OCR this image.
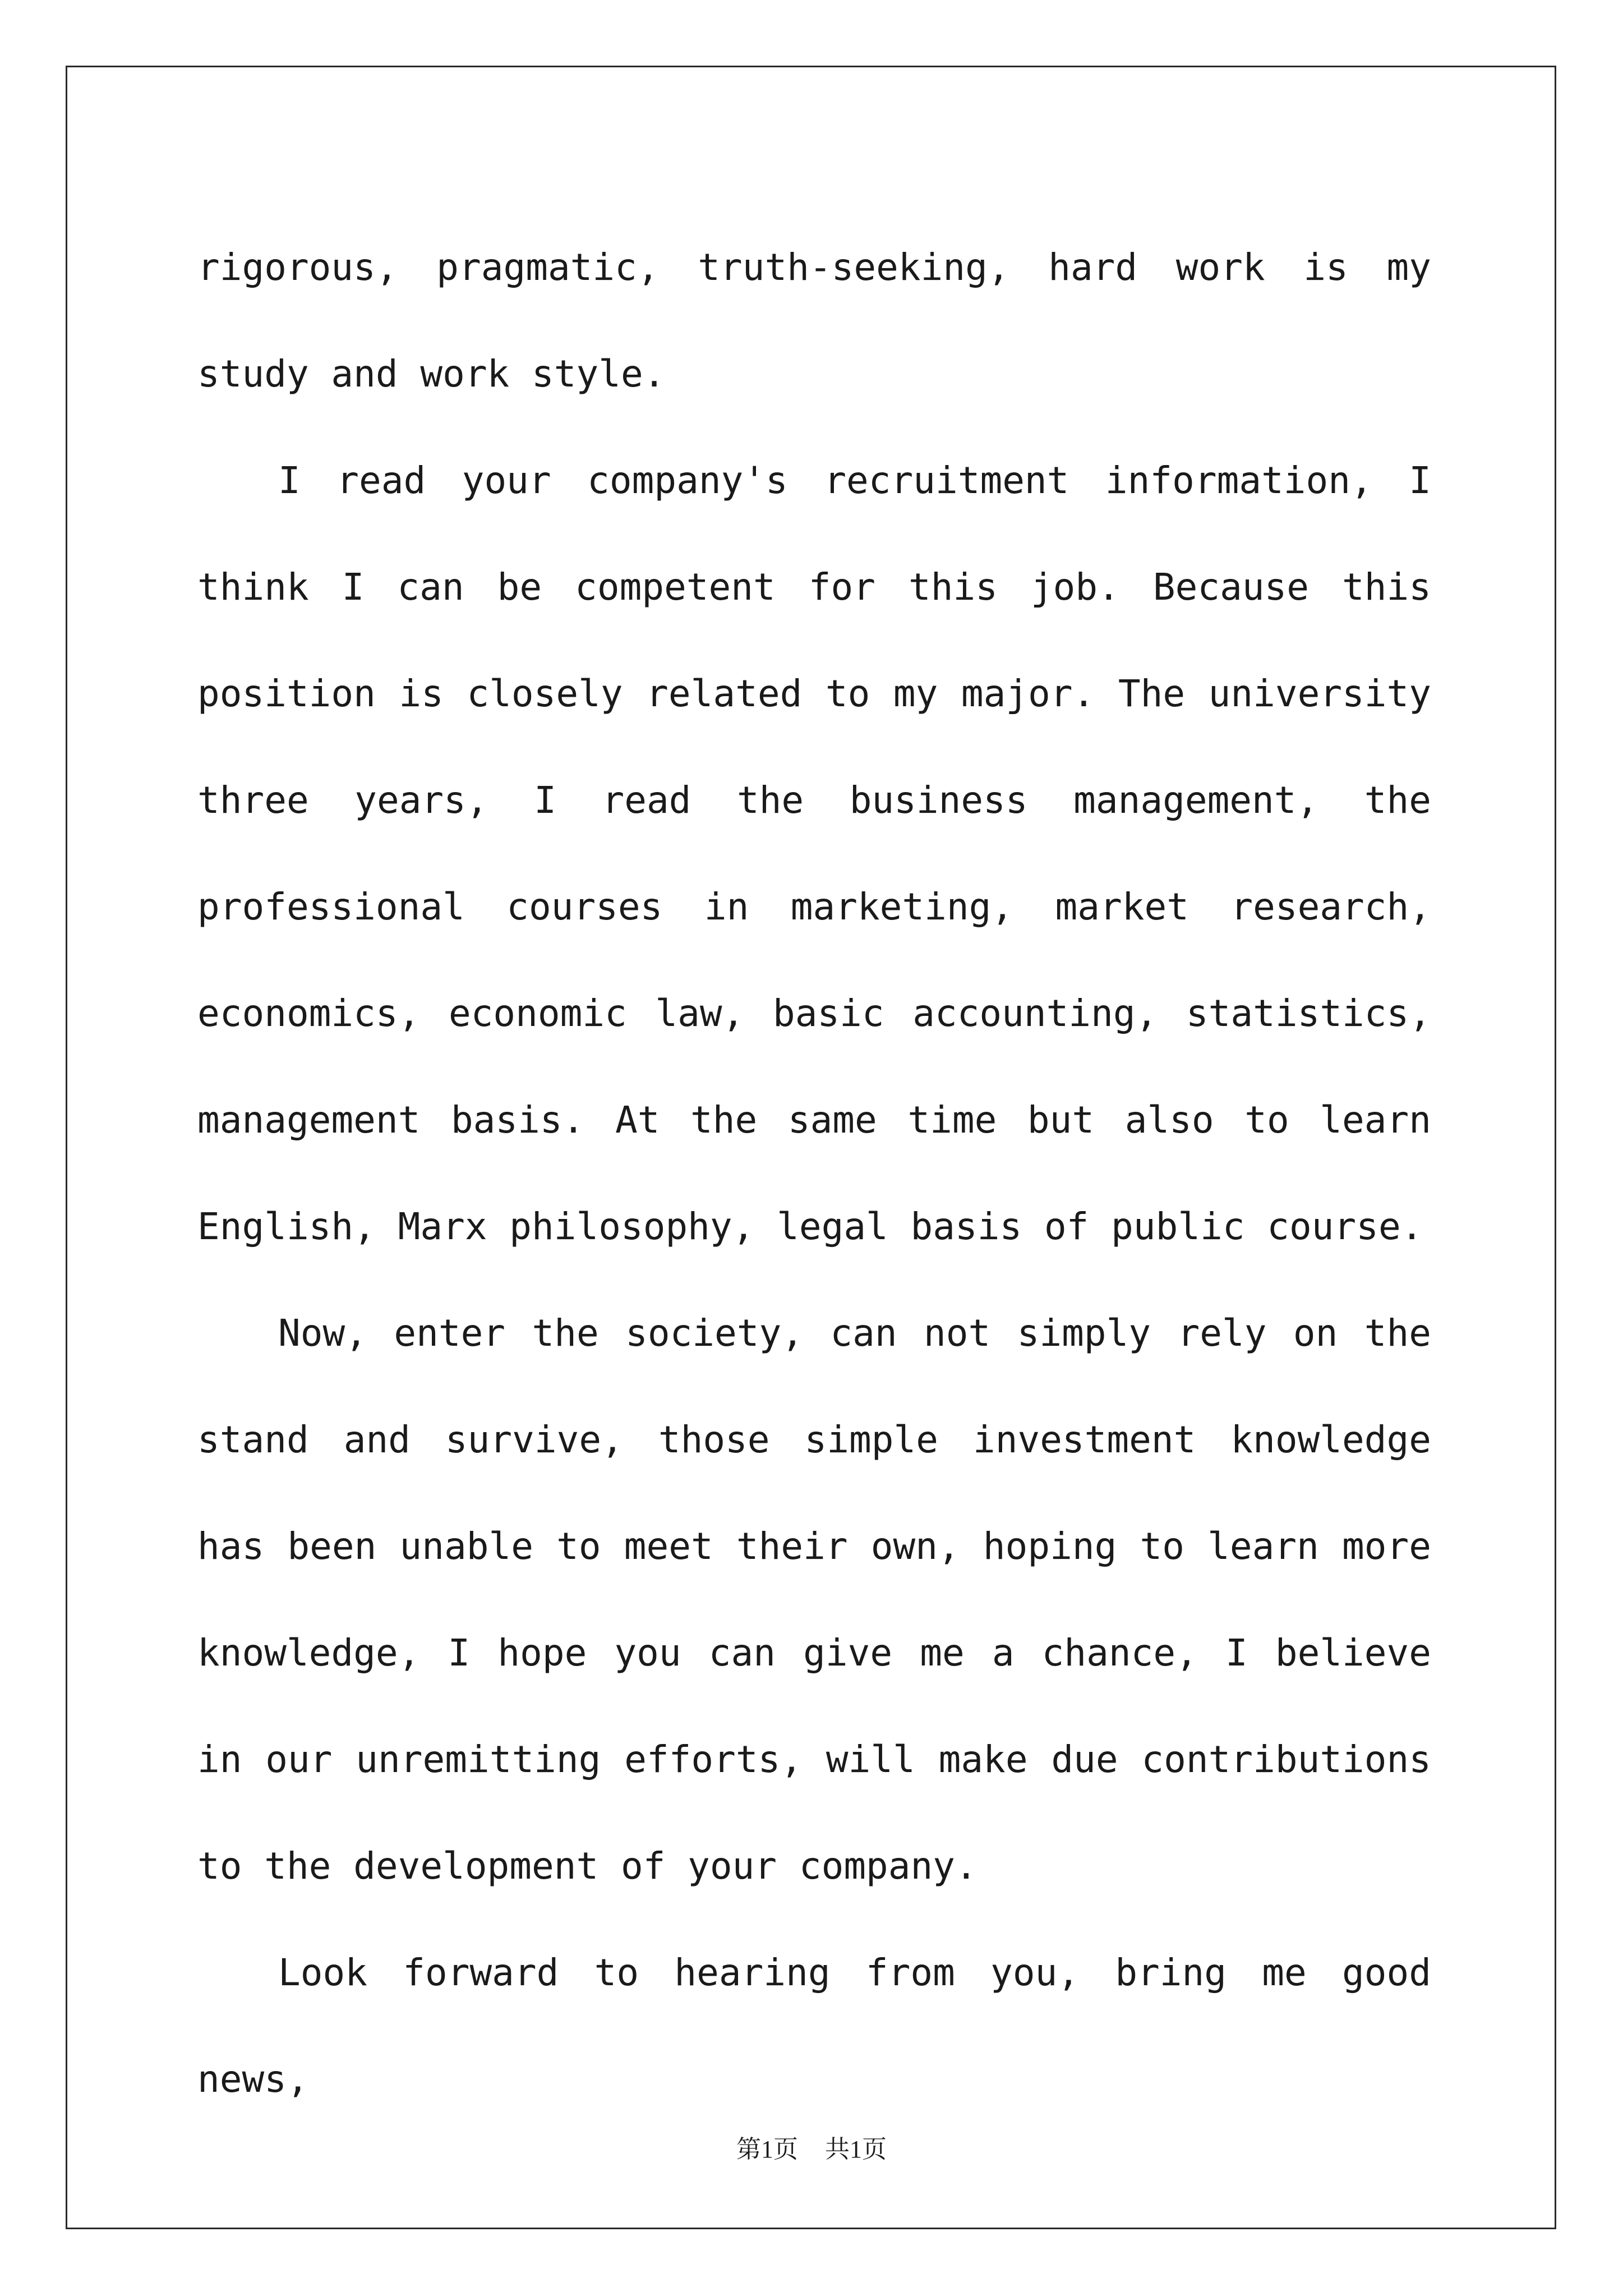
rigorous, pragmatic, truth-seeking, hard work is my study and work style.

I read your company's recruitment information, I think I can be competent for this job. Because this position is closely related to my major. The university three years, I read the business management, the professional courses in marketing, market research, economics, economic law, basic accounting, statistics, management basis. At the same time but also to learn English, Marx philosophy, legal basis of public course.

Now, enter the society, can not simply rely on the stand and survive, those simple investment knowledge has been unable to meet their own, hoping to learn more knowledge, I hope you can give me a chance, I believe in our unremitting efforts, will make due contributions to the development of your company.

Look forward to hearing from you, bring me good news,

第1页 共1页
